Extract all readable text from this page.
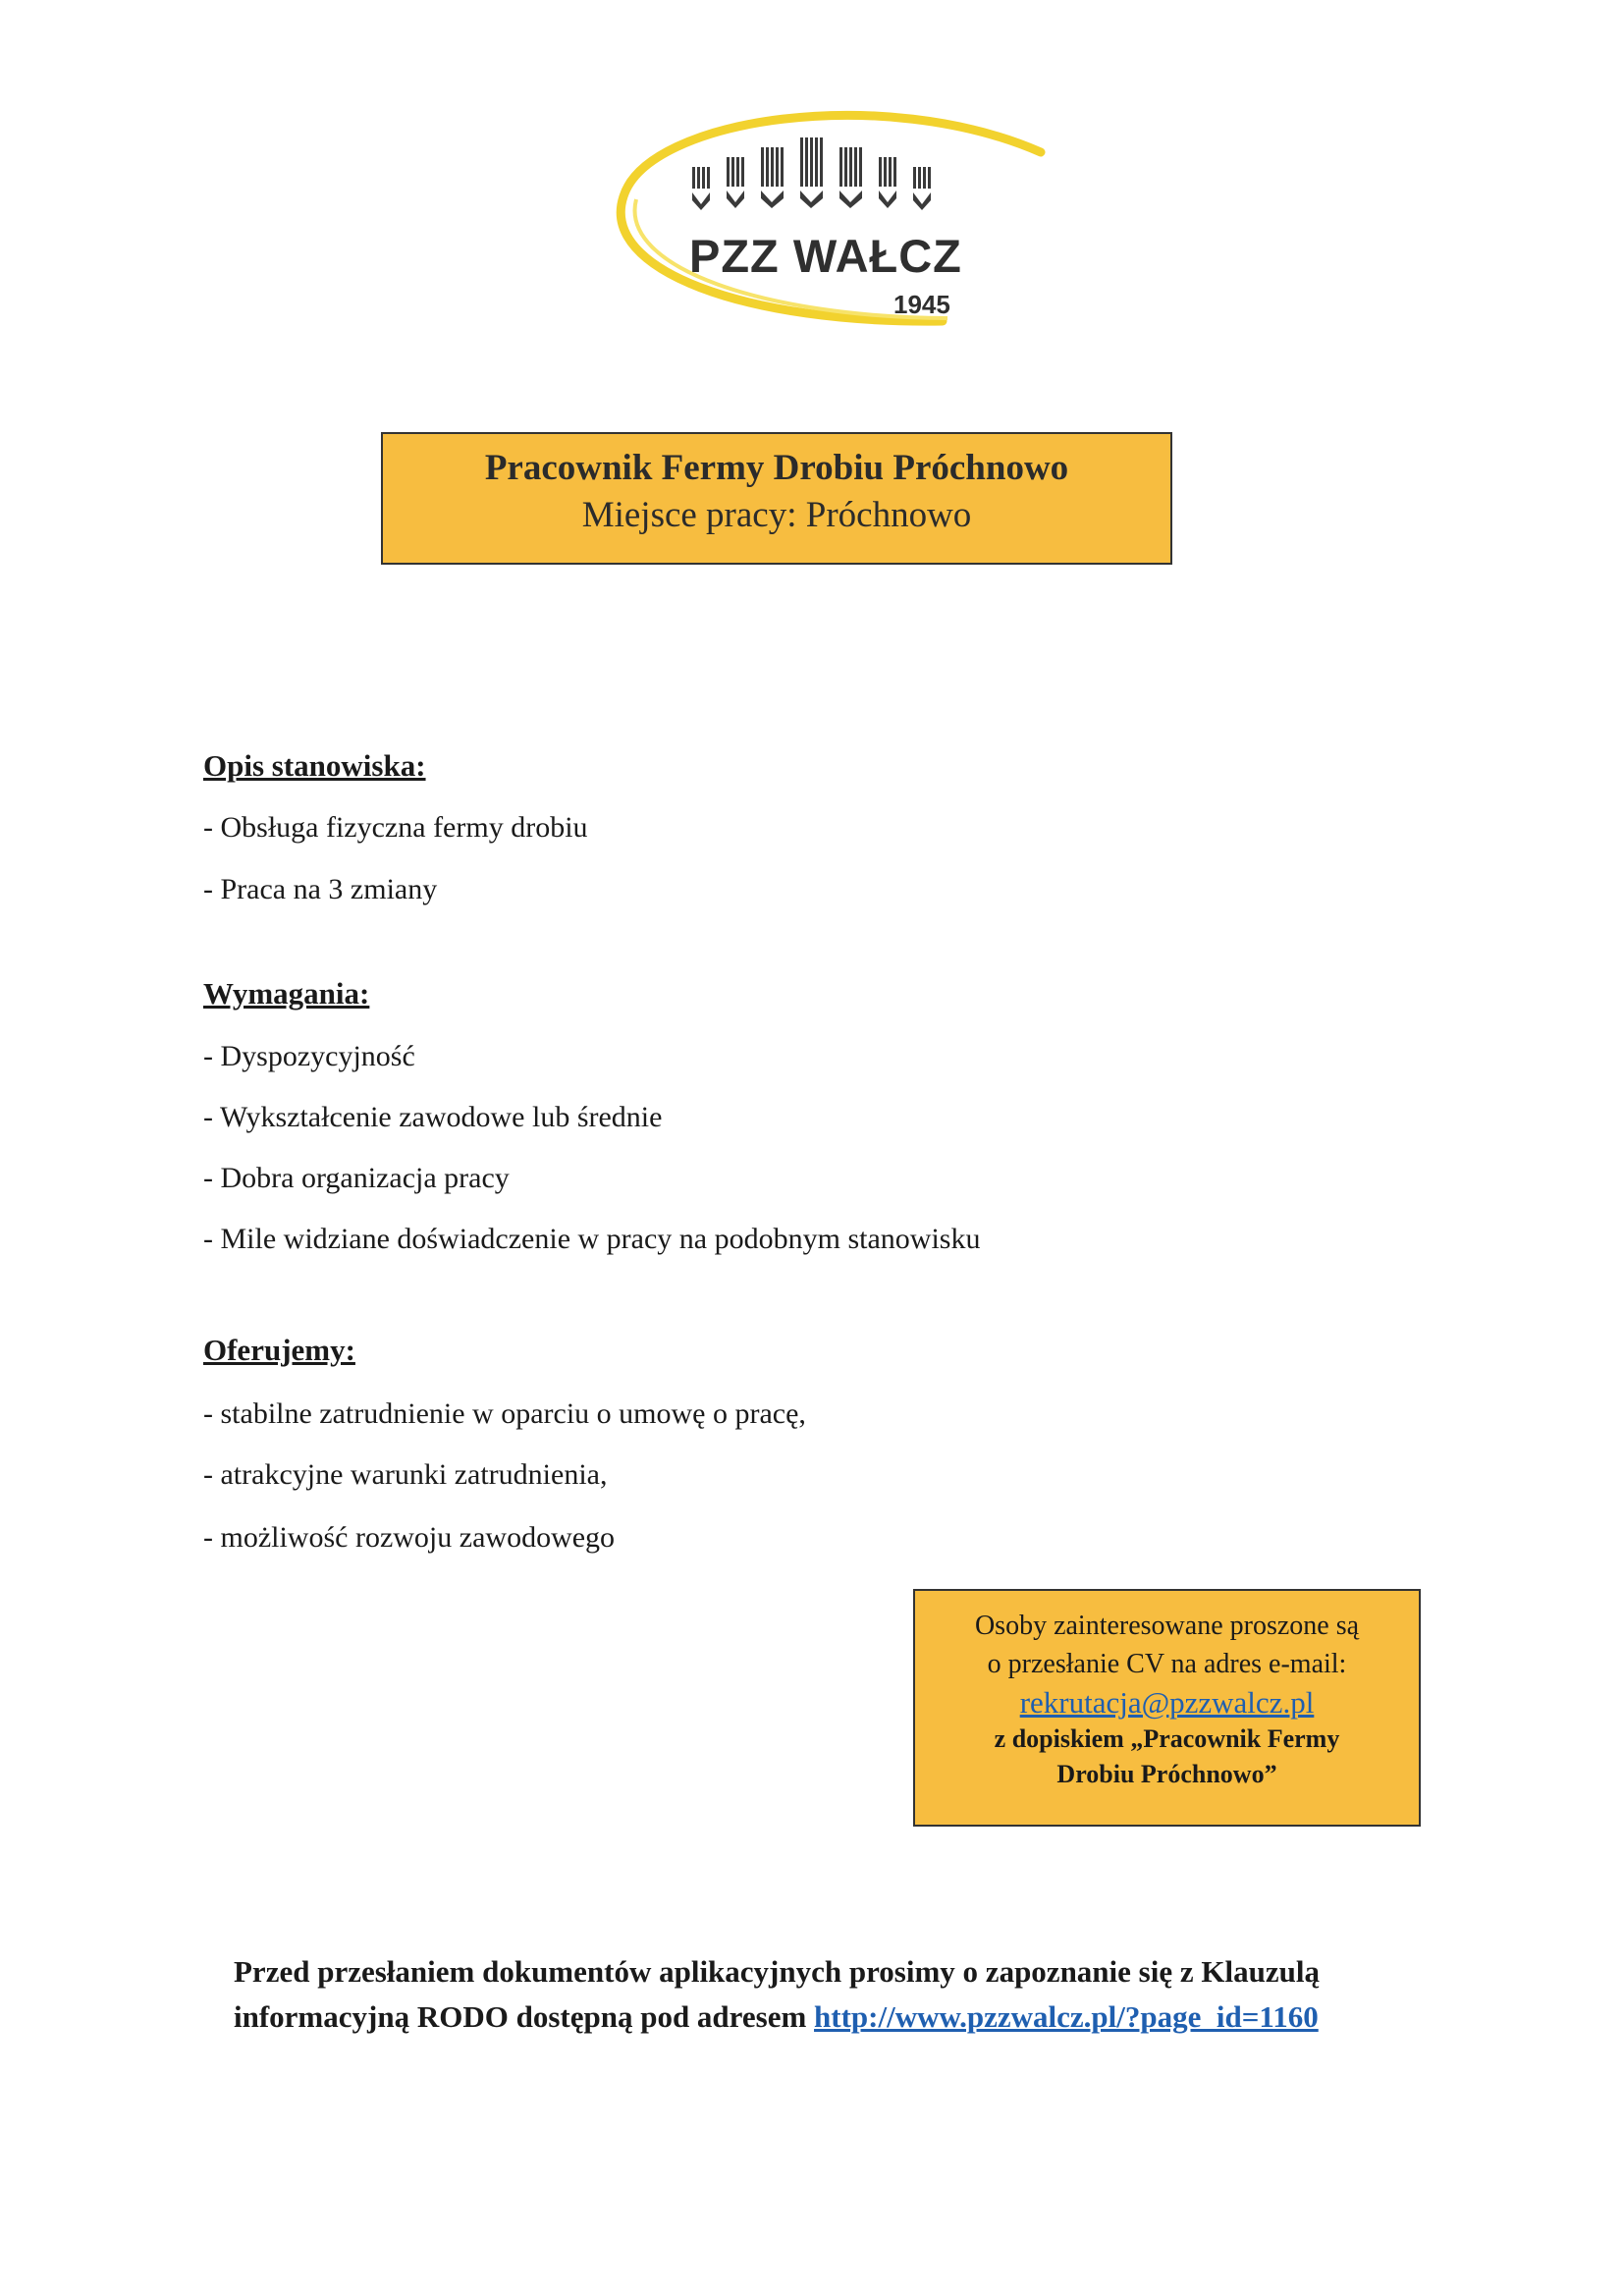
PZZ WAŁCZ
1945
Pracownik Fermy Drobiu Próchnowo
Miejsce pracy: Próchnowo
Opis stanowiska:
- Obsługa fizyczna fermy drobiu
- Praca na 3 zmiany
Wymagania:
- Dyspozycyjność
- Wykształcenie zawodowe lub średnie
- Dobra organizacja pracy
- Mile widziane doświadczenie w pracy na podobnym stanowisku
Oferujemy:
- stabilne zatrudnienie w oparciu o umowę o pracę,
- atrakcyjne warunki zatrudnienia,
- możliwość rozwoju zawodowego
Osoby zainteresowane proszone są
o przesłanie CV na adres e-mail:
rekrutacja@pzzwalcz.pl
z dopiskiem „Pracownik Fermy
Drobiu Próchnowo”
Przed przesłaniem dokumentów aplikacyjnych prosimy o zapoznanie się z Klauzulą
informacyjną RODO dostępną pod adresem http://www.pzzwalcz.pl/?page_id=1160
